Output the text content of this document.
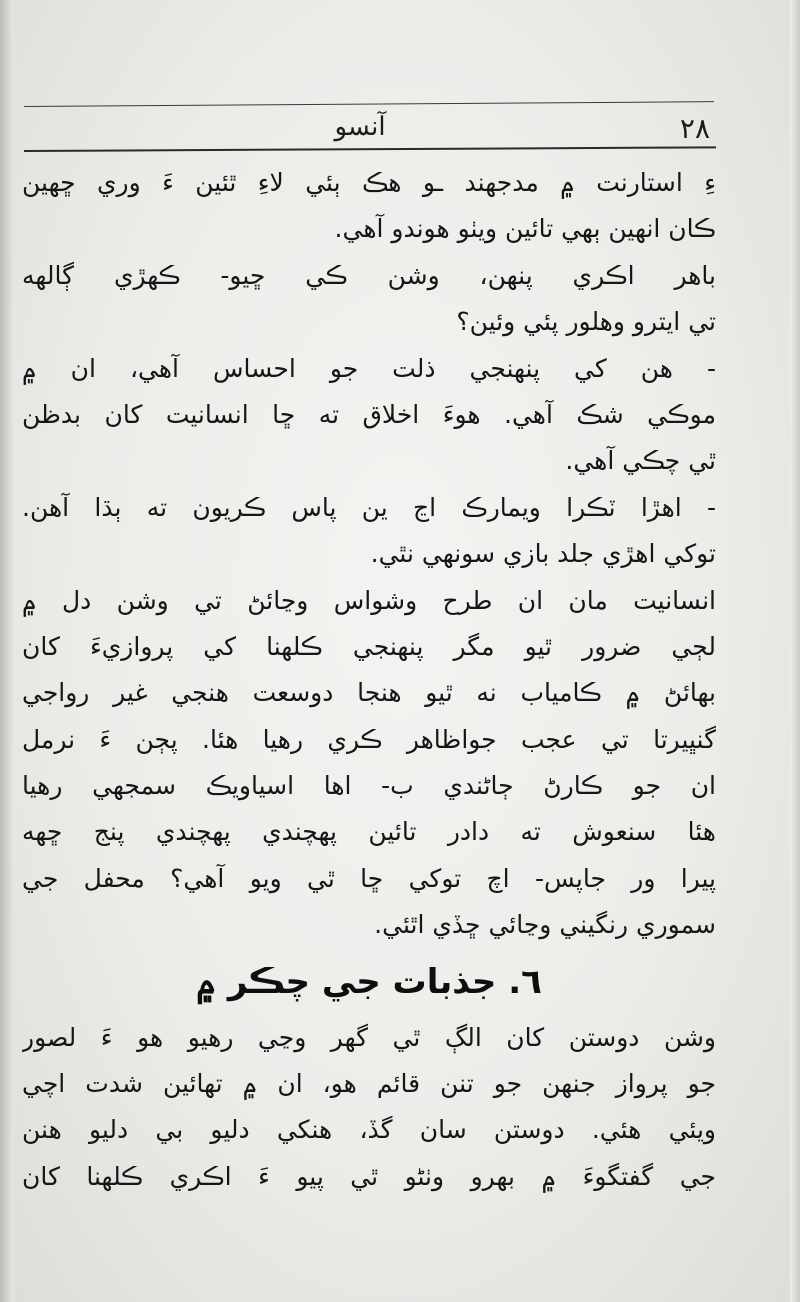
٢٨
آنسو
ءِ استارنت ۾ مدجهند ـو هڪ ٻئي لاءِ ٿئين ءَ وري ڇهين
ڪان انهين ٻهي تائين ويٺو هوندو آهي.
باهر اڪري پنهن، وشن ڪي ڇيو- ڪهڙي ڳالهه
تي ايترو وهلور پئي وئين؟
- هن کي پنهنجي ذلت جو احساس آهي، ان ۾
موڪي شڪ آهي. هوءَ اخلاق ته ڇا انسانيت کان بدظن
ٿي چڪي آهي.
- اهڙا ٽڪرا ويمارڪ اڃ ين پاس ڪريون ته ٻڌا آهن.
توکي اهڙي جلد بازي سونهي نٿي.
انسانيت مان ان طرح وشواس وڃائڻ تي وشن دل ۾
لڄي ضرور ٿيو مگر پنهنجي ڪلهنا کي پروازيءَ کان
بهائڻ ۾ ڪامياب نه ٿيو هنجا دوسعت هنجي غير رواجي
گنڀيرتا تي عجب جواظاهر ڪري رهيا هئا. پڄن ءَ نرمل
ان جو ڪارڻ ڄاڻندي ب- اها اسياويڪ سمجهي رهيا
هئا سنعوش ته دادر تائين پهچندي پهچندي پنج ڇهه
پيرا ور جاپس- اچ توکي ڇا ٿي ويو آهي؟ محفل جي
سموري رنگيني وڃائي ڇڏي اٿئي.
٦. جذبات جي چڪر ۾
وشن دوستن کان الڳ ٿي گهر وڃي رهيو هو ءَ لصور
جو پرواز جنهن جو تنن قائم هو، ان ۾ تهائين شدت اچي
ويئي هئي. دوستن سان گڏ، هنکي دليو بي دليو هنن
جي گفتگوءَ ۾ بهرو وٺڻو ٿي پيو ءَ اڪري ڪلهنا کان
